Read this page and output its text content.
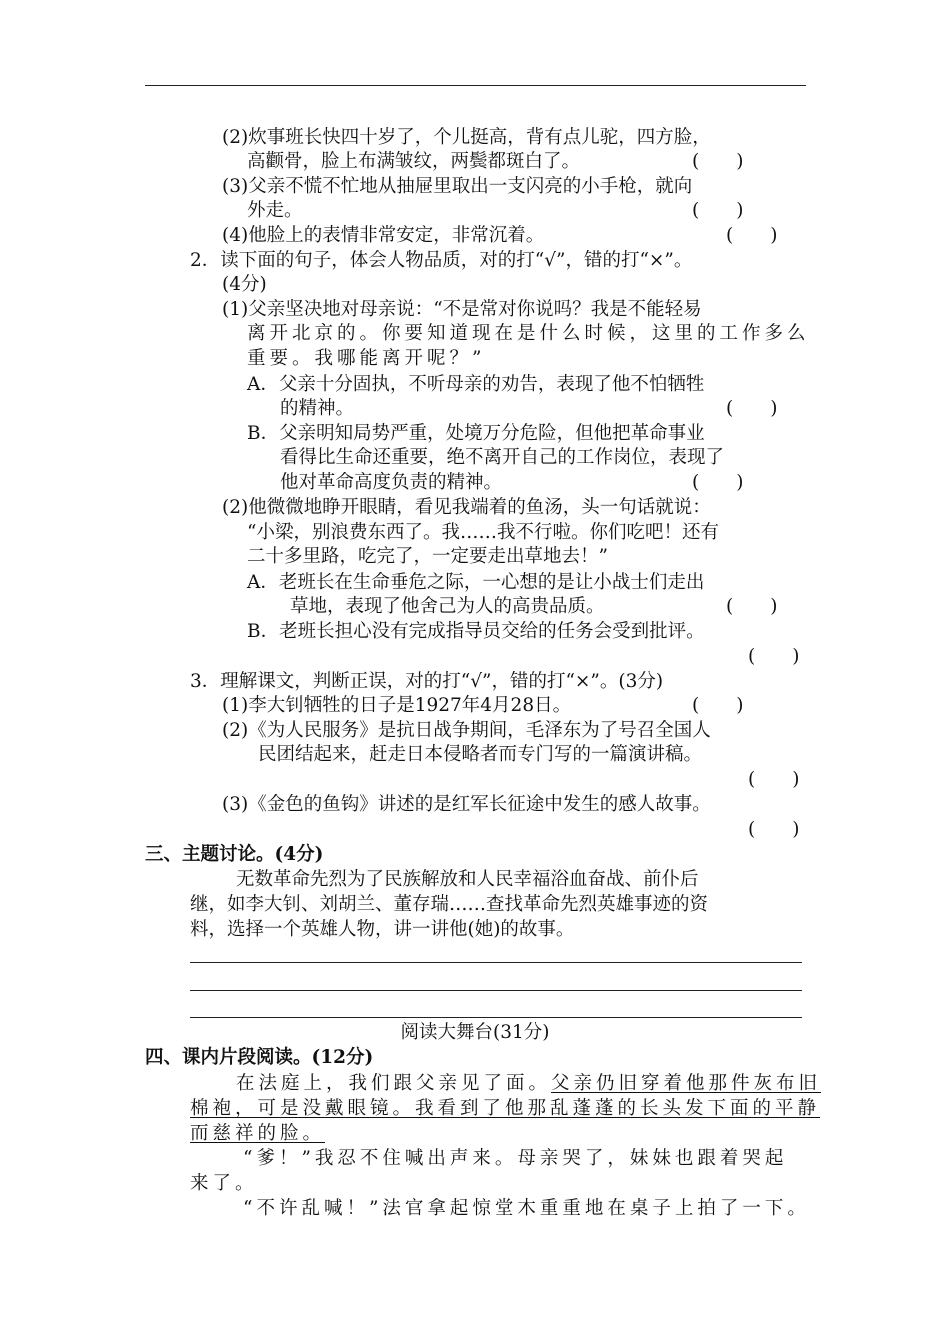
(2)炊事班长快四十岁了，个儿挺高，背有点儿驼，四方脸，
高颧骨，脸上布满皱纹，两鬓都斑白了。	(　　)
(3)父亲不慌不忙地从抽屉里取出一支闪亮的小手枪，就向
外走。	(　　)
(4)他脸上的表情非常安定，非常沉着。	(　　)
2．读下面的句子，体会人物品质，对的打“√”，错的打“×”。
(4分)
(1)父亲坚决地对母亲说：“不是常对你说吗？我是不能轻易
离开北京的。你要知道现在是什么时候，这里的工作多么
重要。我哪能离开呢？”
A．父亲十分固执，不听母亲的劝告，表现了他不怕牺牲
的精神。	(　　)
B．父亲明知局势严重，处境万分危险，但他把革命事业
看得比生命还重要，绝不离开自己的工作岗位，表现了
他对革命高度负责的精神。	(　　)
(2)他微微地睁开眼睛，看见我端着的鱼汤，头一句话就说：
“小梁，别浪费东西了。我……我不行啦。你们吃吧！还有
二十多里路，吃完了，一定要走出草地去！”
A．老班长在生命垂危之际，一心想的是让小战士们走出
草地，表现了他舍己为人的高贵品质。	(　　)
B．老班长担心没有完成指导员交给的任务会受到批评。
(　　)
3．理解课文，判断正误，对的打“√”，错的打“×”。(3分)
(1)李大钊牺牲的日子是1927年4月28日。	(　　)
(2)《为人民服务》是抗日战争期间，毛泽东为了号召全国人
民团结起来，赶走日本侵略者而专门写的一篇演讲稿。
(　　)
(3)《金色的鱼钩》讲述的是红军长征途中发生的感人故事。
(　　)
三、主题讨论。(4分)
无数革命先烈为了民族解放和人民幸福浴血奋战、前仆后
继，如李大钊、刘胡兰、董存瑞……查找革命先烈英雄事迹的资
料，选择一个英雄人物，讲一讲他(她)的故事。
阅读大舞台(31分)
四、课内片段阅读。(12分)
在法庭上，我们跟父亲见了面。父亲仍旧穿着他那件灰布旧
棉袍，可是没戴眼镜。我看到了他那乱蓬蓬的长头发下面的平静
而慈祥的脸。
“爹！”我忍不住喊出声来。母亲哭了，妹妹也跟着哭起
来了。
“不许乱喊！”法官拿起惊堂木重重地在桌子上拍了一下。
